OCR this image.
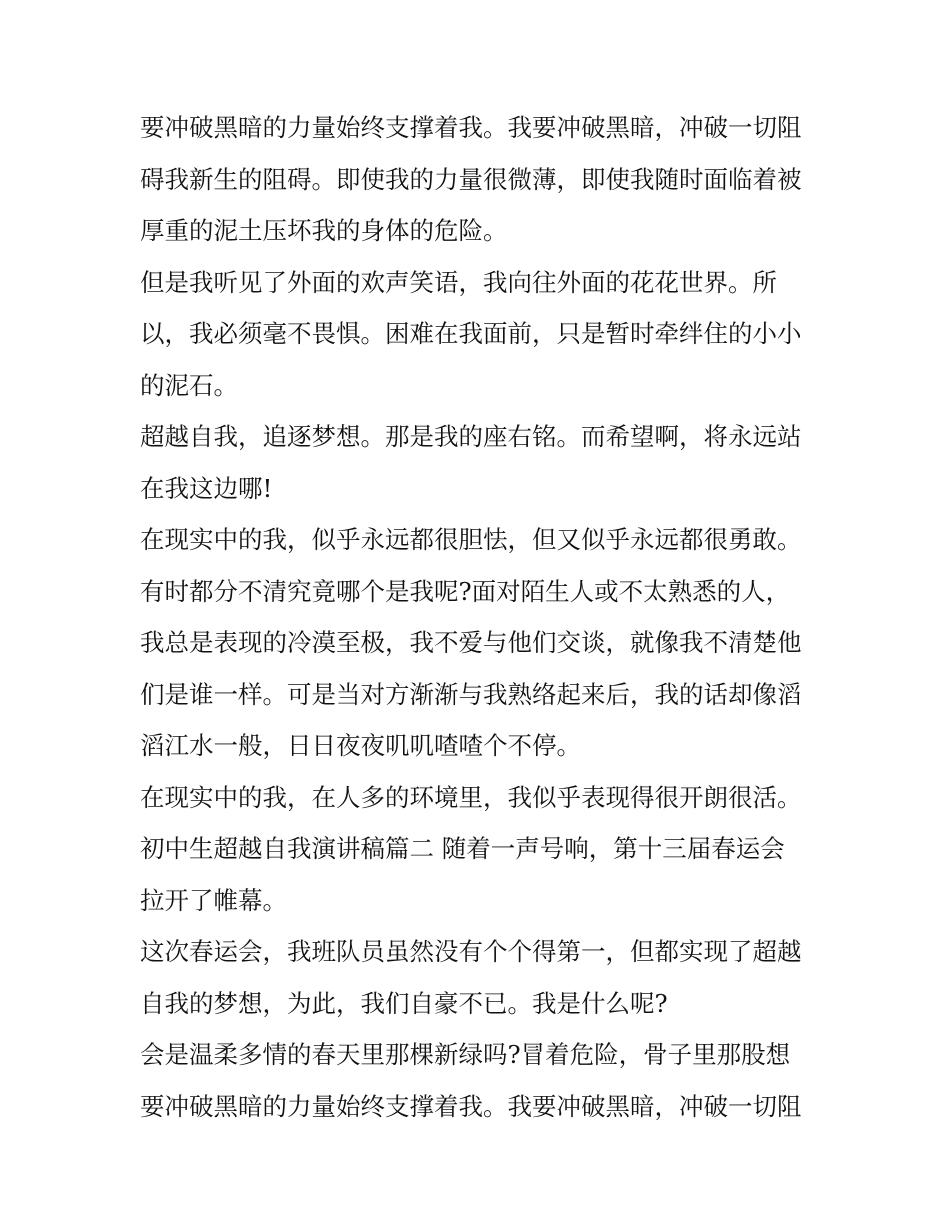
要冲破黑暗的力量始终支撑着我。我要冲破黑暗，冲破一切阻
碍我新生的阻碍。即使我的力量很微薄，即使我随时面临着被
厚重的泥土压坏我的身体的危险。
但是我听见了外面的欢声笑语，我向往外面的花花世界。所
以，我必须毫不畏惧。困难在我面前，只是暂时牵绊住的小小
的泥石。
超越自我，追逐梦想。那是我的座右铭。而希望啊，将永远站
在我这边哪!
在现实中的我，似乎永远都很胆怯，但又似乎永远都很勇敢。
有时都分不清究竟哪个是我呢?面对陌生人或不太熟悉的人，
我总是表现的冷漠至极，我不爱与他们交谈，就像我不清楚他
们是谁一样。可是当对方渐渐与我熟络起来后，我的话却像滔
滔江水一般，日日夜夜叽叽喳喳个不停。
在现实中的我，在人多的环境里，我似乎表现得很开朗很活。
初中生超越自我演讲稿篇二 随着一声号响，第十三届春运会
拉开了帷幕。
这次春运会，我班队员虽然没有个个得第一，但都实现了超越
自我的梦想，为此，我们自豪不已。我是什么呢?
会是温柔多情的春天里那棵新绿吗?冒着危险，骨子里那股想
要冲破黑暗的力量始终支撑着我。我要冲破黑暗，冲破一切阻
